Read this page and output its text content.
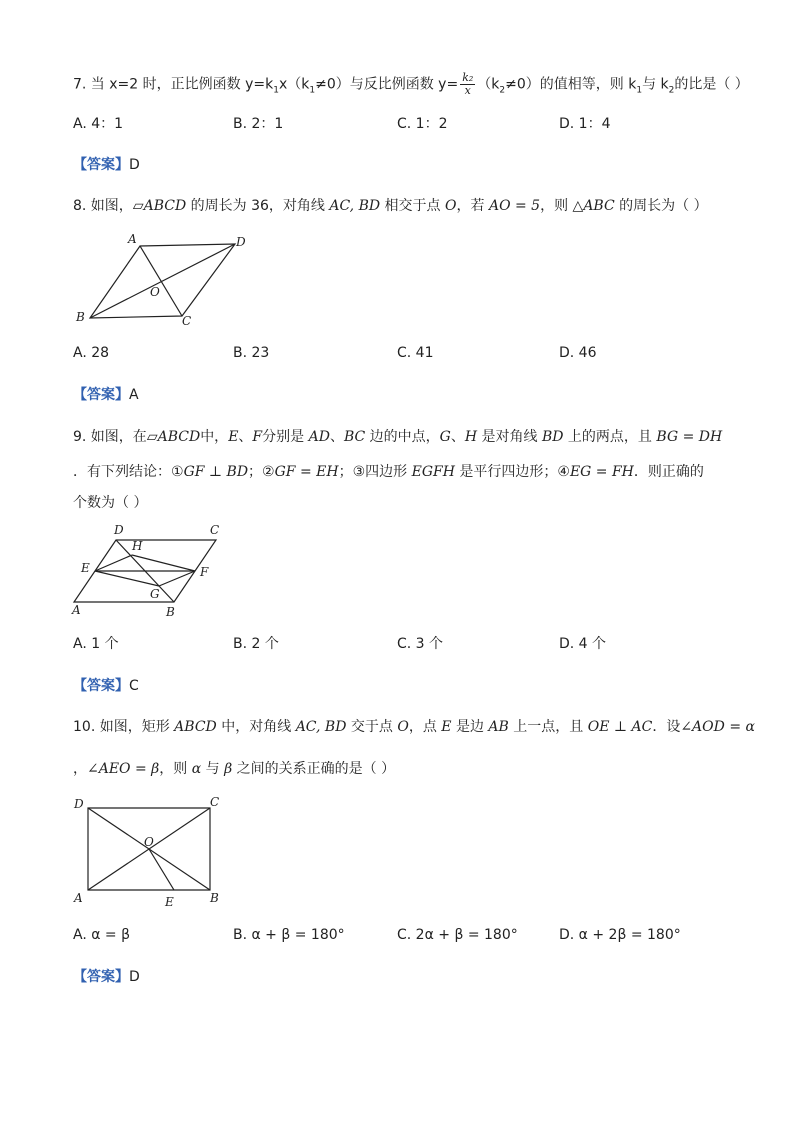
7. 当 x=2 时，正比例函数 $y=k_1x(k_1\ne 0)$与反比例函数 $y= \frac{\text{k₂}}{x} (k_2\ne 0)$的值相等，则 $k_1$与 $k_2$的比是（ ）
A. 4：1	B. 2：1	C. 1：2	D. 1：4
【答案】D
8. 如图，▱ABCD 的周长为 36，对角线 AC, BD 相交于点 O，若 AO = 5，则 △ABC 的周长为（ ）
A	D
O
B	C
A. 28	B. 23	C. 41	D. 46
【答案】A
9. 如图，在▱ABCD中，E、F分别是 AD、BC 边的中点，G、H 是对角线 BD 上的两点，且 BG = DH
．有下列结论：①GF ⊥ BD；②GF = EH；③四边形 EGFH 是平行四边形；④EG = FH．则正确的
个数为（ ）
D	C
H
E	F
G
A	B
A. 1 个	B. 2 个	C. 3 个	D. 4 个
【答案】C
10. 如图，矩形 ABCD 中，对角线 AC, BD 交于点 O，点 E 是边 AB 上一点，且 OE ⊥ AC．设∠AOD = α
，∠AEO = β，则 α 与 β 之间的关系正确的是（ ）
D	C
O
A	E	B
A. α = β	B. α + β = 180°	C. 2α + β = 180°	D. α + 2β = 180°
【答案】D
